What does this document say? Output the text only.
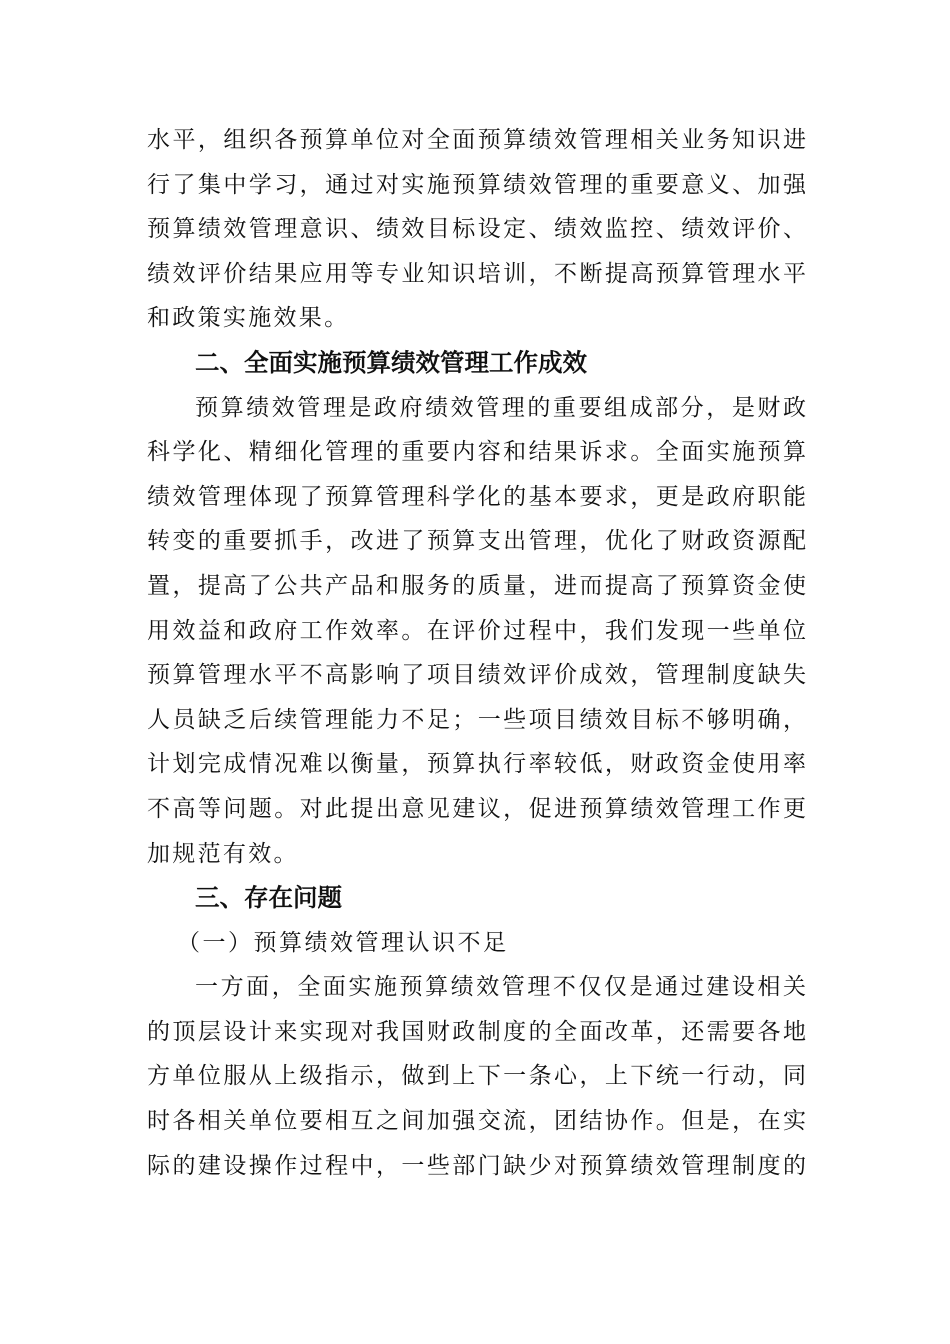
水平，组织各预算单位对全面预算绩效管理相关业务知识进
行了集中学习，通过对实施预算绩效管理的重要意义、加强
预算绩效管理意识、绩效目标设定、绩效监控、绩效评价、
绩效评价结果应用等专业知识培训，不断提高预算管理水平
和政策实施效果。
二、全面实施预算绩效管理工作成效
预算绩效管理是政府绩效管理的重要组成部分，是财政
科学化、精细化管理的重要内容和结果诉求。全面实施预算
绩效管理体现了预算管理科学化的基本要求，更是政府职能
转变的重要抓手，改进了预算支出管理，优化了财政资源配
置，提高了公共产品和服务的质量，进而提高了预算资金使
用效益和政府工作效率。在评价过程中，我们发现一些单位
预算管理水平不高影响了项目绩效评价成效，管理制度缺失
人员缺乏后续管理能力不足；一些项目绩效目标不够明确，
计划完成情况难以衡量，预算执行率较低，财政资金使用率
不高等问题。对此提出意见建议，促进预算绩效管理工作更
加规范有效。
三、存在问题
（一）预算绩效管理认识不足
一方面，全面实施预算绩效管理不仅仅是通过建设相关
的顶层设计来实现对我国财政制度的全面改革，还需要各地
方单位服从上级指示，做到上下一条心，上下统一行动，同
时各相关单位要相互之间加强交流，团结协作。但是，在实
际的建设操作过程中，一些部门缺少对预算绩效管理制度的
